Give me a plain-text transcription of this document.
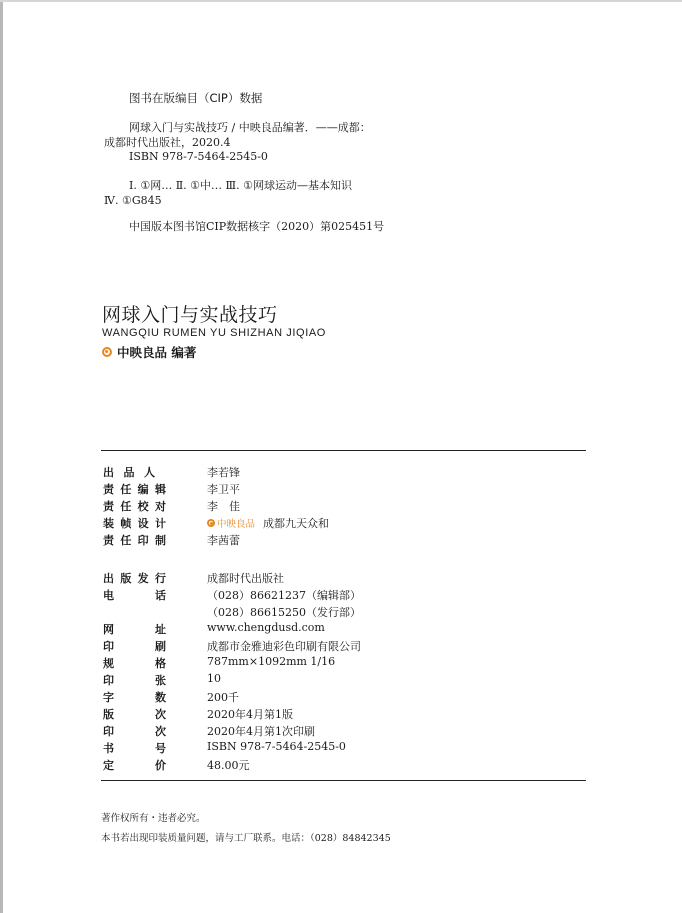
图书在版编目（CIP）数据
网球入门与实战技巧 / 中映良品编著．——成都：
成都时代出版社，2020.4
ISBN 978-7-5464-2545-0
Ⅰ. ①网… Ⅱ. ①中… Ⅲ. ①网球运动—基本知识
Ⅳ. ①G845
中国版本图书馆CIP数据核字（2020）第025451号
网球入门与实战技巧
WANGQIU RUMEN YU SHIZHAN JIQIAO
中映良品 编著
出 品 人	李若锋
责 任 编 辑	李卫平
责 任 校 对	李　佳
装 帧 设 计	中映良品 成都九天众和
责 任 印 制	李茜蕾
出 版 发 行	成都时代出版社
电	话	（028）86621237（编辑部）
（028）86615250（发行部）
网	址	www.chengdusd.com
印	刷	成都市金雅迪彩色印刷有限公司
规	格	787mm×1092mm 1/16
印	张	10
字	数	200千
版	次	2020年4月第1版
印	次	2020年4月第1次印刷
书	号	ISBN 978-7-5464-2545-0
定	价	48.00元
著作权所有・违者必究。
本书若出现印装质量问题，请与工厂联系。电话：（028）84842345
